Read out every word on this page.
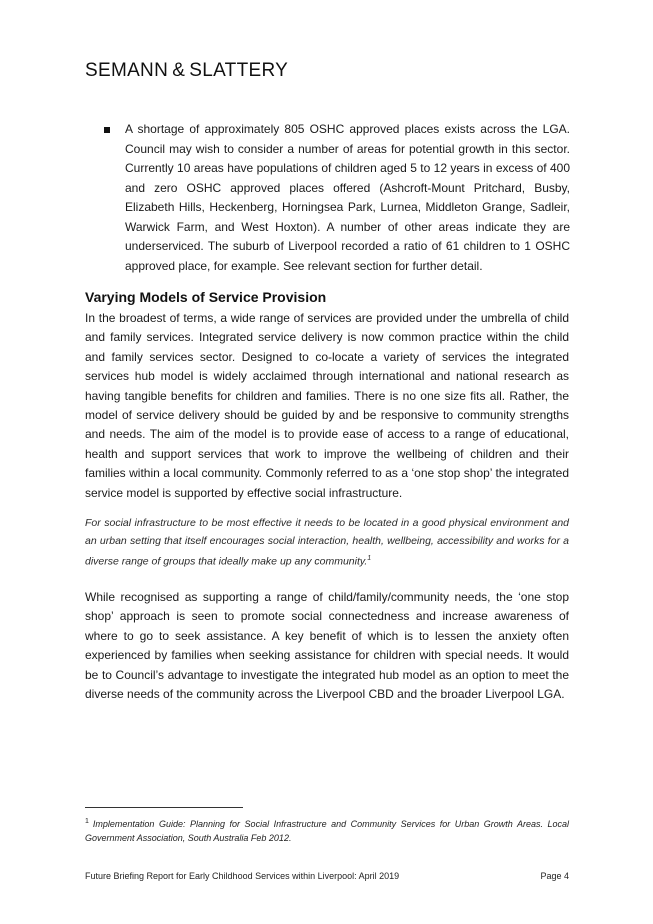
SEMANN & SLATTERY
A shortage of approximately 805 OSHC approved places exists across the LGA. Council may wish to consider a number of areas for potential growth in this sector. Currently 10 areas have populations of children aged 5 to 12 years in excess of 400 and zero OSHC approved places offered (Ashcroft-Mount Pritchard, Busby, Elizabeth Hills, Heckenberg, Horningsea Park, Lurnea, Middleton Grange, Sadleir, Warwick Farm, and West Hoxton). A number of other areas indicate they are underserviced. The suburb of Liverpool recorded a ratio of 61 children to 1 OSHC approved place, for example. See relevant section for further detail.
Varying Models of Service Provision

In the broadest of terms, a wide range of services are provided under the umbrella of child and family services. Integrated service delivery is now common practice within the child and family services sector. Designed to co-locate a variety of services the integrated services hub model is widely acclaimed through international and national research as having tangible benefits for children and families. There is no one size fits all. Rather, the model of service delivery should be guided by and be responsive to community strengths and needs. The aim of the model is to provide ease of access to a range of educational, health and support services that work to improve the wellbeing of children and their families within a local community. Commonly referred to as a ‘one stop shop’ the integrated service model is supported by effective social infrastructure.

For social infrastructure to be most effective it needs to be located in a good physical environment and an urban setting that itself encourages social interaction, health, wellbeing, accessibility and works for a diverse range of groups that ideally make up any community.$^1$

While recognised as supporting a range of child/family/community needs, the ‘one stop shop’ approach is seen to promote social connectedness and increase awareness of where to go to seek assistance. A key benefit of which is to lessen the anxiety often experienced by families when seeking assistance for children with special needs. It would be to Council’s advantage to investigate the integrated hub model as an option to meet the diverse needs of the community across the Liverpool CBD and the broader Liverpool LGA.

$^1$ Implementation Guide: Planning for Social Infrastructure and Community Services for Urban Growth Areas. Local Government Association, South Australia Feb 2012.

Future Briefing Report for Early Childhood Services within Liverpool: April 2019	Page 4
